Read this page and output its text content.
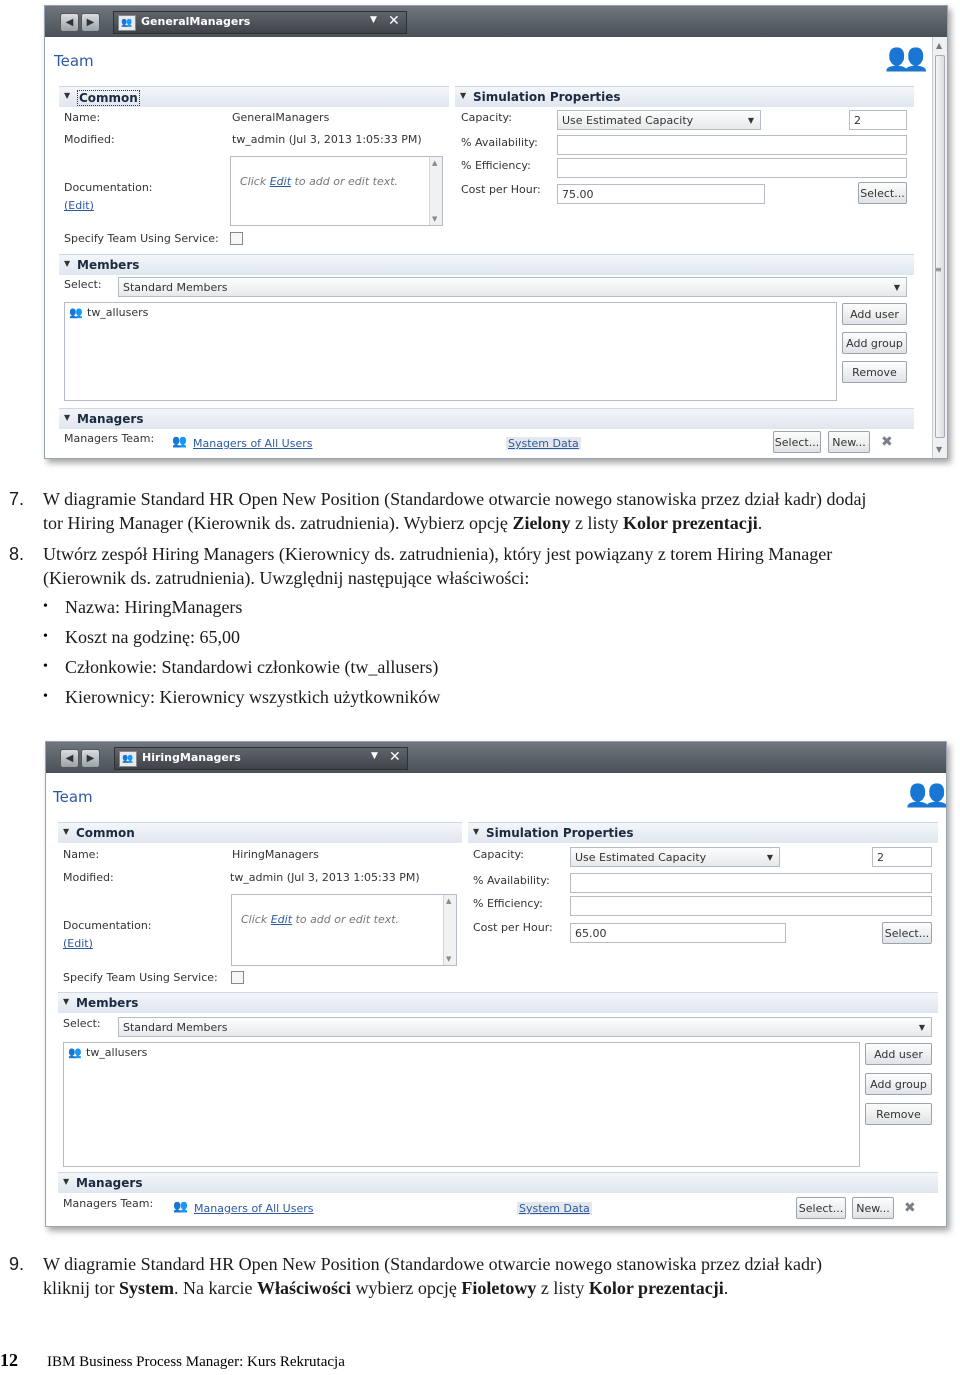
◀	▶	👥 GeneralManagers	▼ ✕
▲
≡
▼
Team	👤👤
▼ Common
Name:	GeneralManagers
Modified:	tw_admin (Jul 3, 2013 1:05:33 PM)
Documentation:
(Edit)
Click Edit to add or edit text.
▲
▼
Specify Team Using Service:
▼ Simulation Properties
Capacity:	Use Estimated Capacity	▼	2
% Availability:
% Efficiency:
Cost per Hour:	75.00	Select...
▼ Members
Select:	Standard Members	▼
👥 tw_allusers	Add user
Add group
Remove
▼ Managers
Managers Team: 👥 Managers of All Users	System Data	Select...	New...	✖
7. W diagramie Standard HR Open New Position (Standardowe otwarcie nowego stanowiska przez dział kadr) dodaj
tor Hiring Manager (Kierownik ds. zatrudnienia). Wybierz opcję Zielony z listy Kolor prezentacji.
8. Utwórz zespół Hiring Managers (Kierownicy ds. zatrudnienia), który jest powiązany z torem Hiring Manager
(Kierownik ds. zatrudnienia). Uwzględnij następujące właściwości:
• Nazwa: HiringManagers
• Koszt na godzinę: 65,00
• Członkowie: Standardowi członkowie (tw_allusers)
• Kierownicy: Kierownicy wszystkich użytkowników
◀	▶	👥 HiringManagers	▼ ✕
Team	👤👤
▼ Common
Name:	HiringManagers
Modified:	tw_admin (Jul 3, 2013 1:05:33 PM)
Documentation:
(Edit)
Click Edit to add or edit text.
▲
▼
Specify Team Using Service:
▼ Simulation Properties
Capacity:	Use Estimated Capacity	▼	2
% Availability:
% Efficiency:
Cost per Hour:	65.00	Select...
▼ Members
Select:	Standard Members	▼
👥 tw_allusers	Add user
Add group
Remove
▼ Managers
Managers Team: 👥 Managers of All Users	System Data	Select...	New...	✖
9. W diagramie Standard HR Open New Position (Standardowe otwarcie nowego stanowiska przez dział kadr)
kliknij tor System. Na karcie Właściwości wybierz opcję Fioletowy z listy Kolor prezentacji.
12 IBM Business Process Manager: Kurs Rekrutacja
